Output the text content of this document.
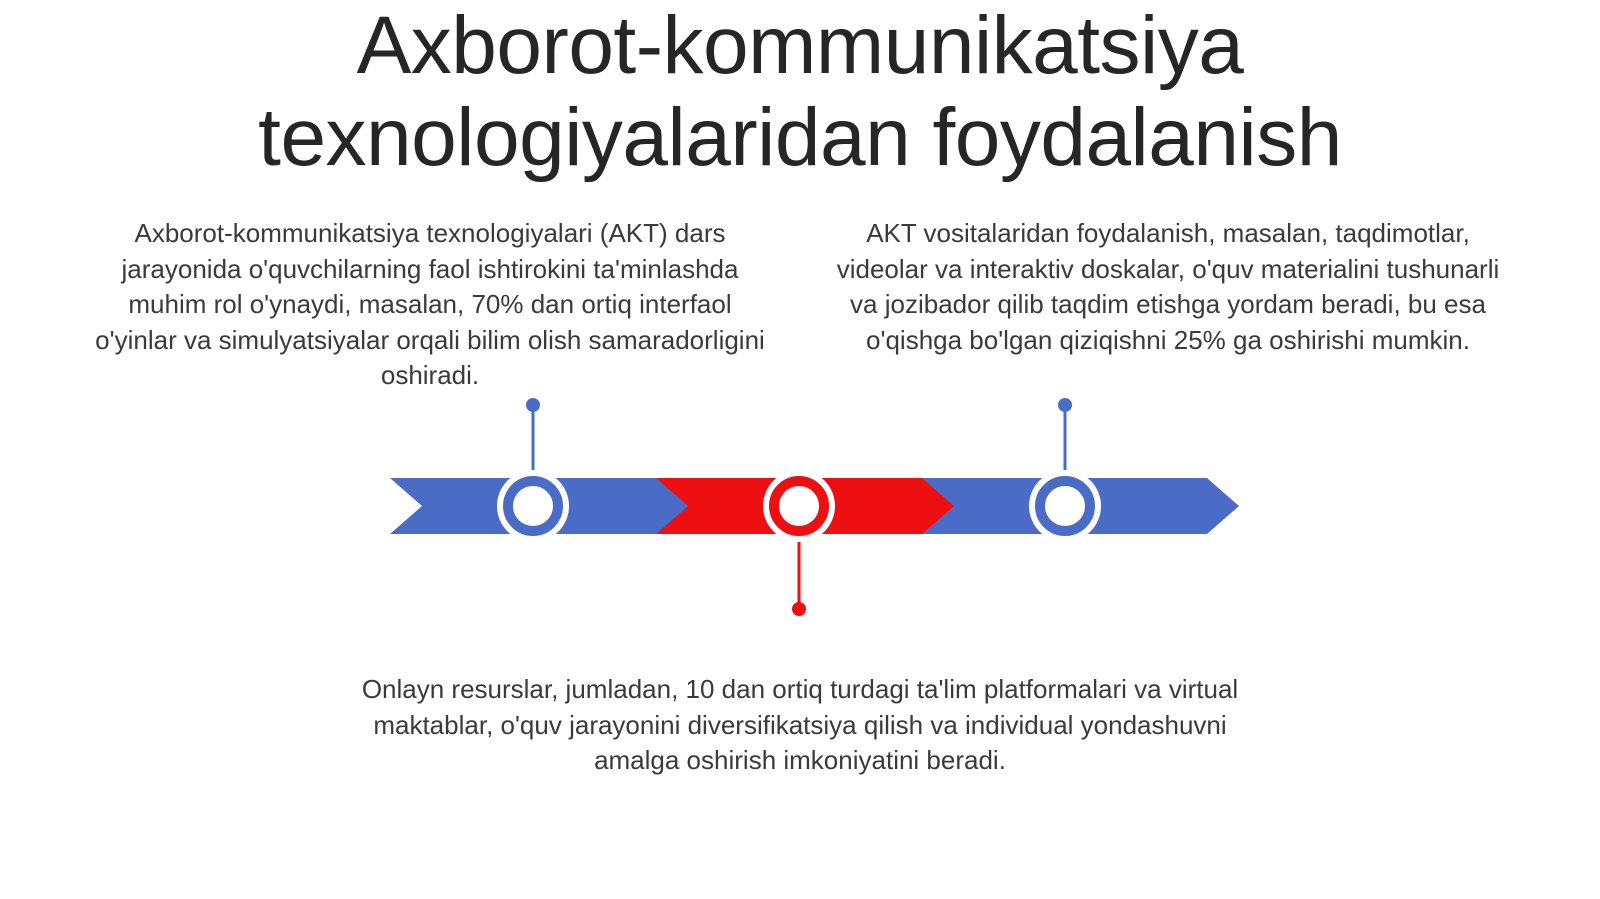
Axborot-kommunikatsiya
texnologiyalaridan foydalanish
Axborot-kommunikatsiya texnologiyalari (AKT) dars jarayonida o'quvchilarning faol ishtirokini ta'minlashda muhim rol o'ynaydi, masalan, 70% dan ortiq interfaol o'yinlar va simulyatsiyalar orqali bilim olish samaradorligini oshiradi.
AKT vositalaridan foydalanish, masalan, taqdimotlar, videolar va interaktiv doskalar, o'quv materialini tushunarli va jozibador qilib taqdim etishga yordam beradi, bu esa o'qishga bo'lgan qiziqishni 25% ga oshirishi mumkin.
Onlayn resurslar, jumladan, 10 dan ortiq turdagi ta'lim platformalari va virtual maktablar, o'quv jarayonini diversifikatsiya qilish va individual yondashuvni amalga oshirish imkoniyatini beradi.
